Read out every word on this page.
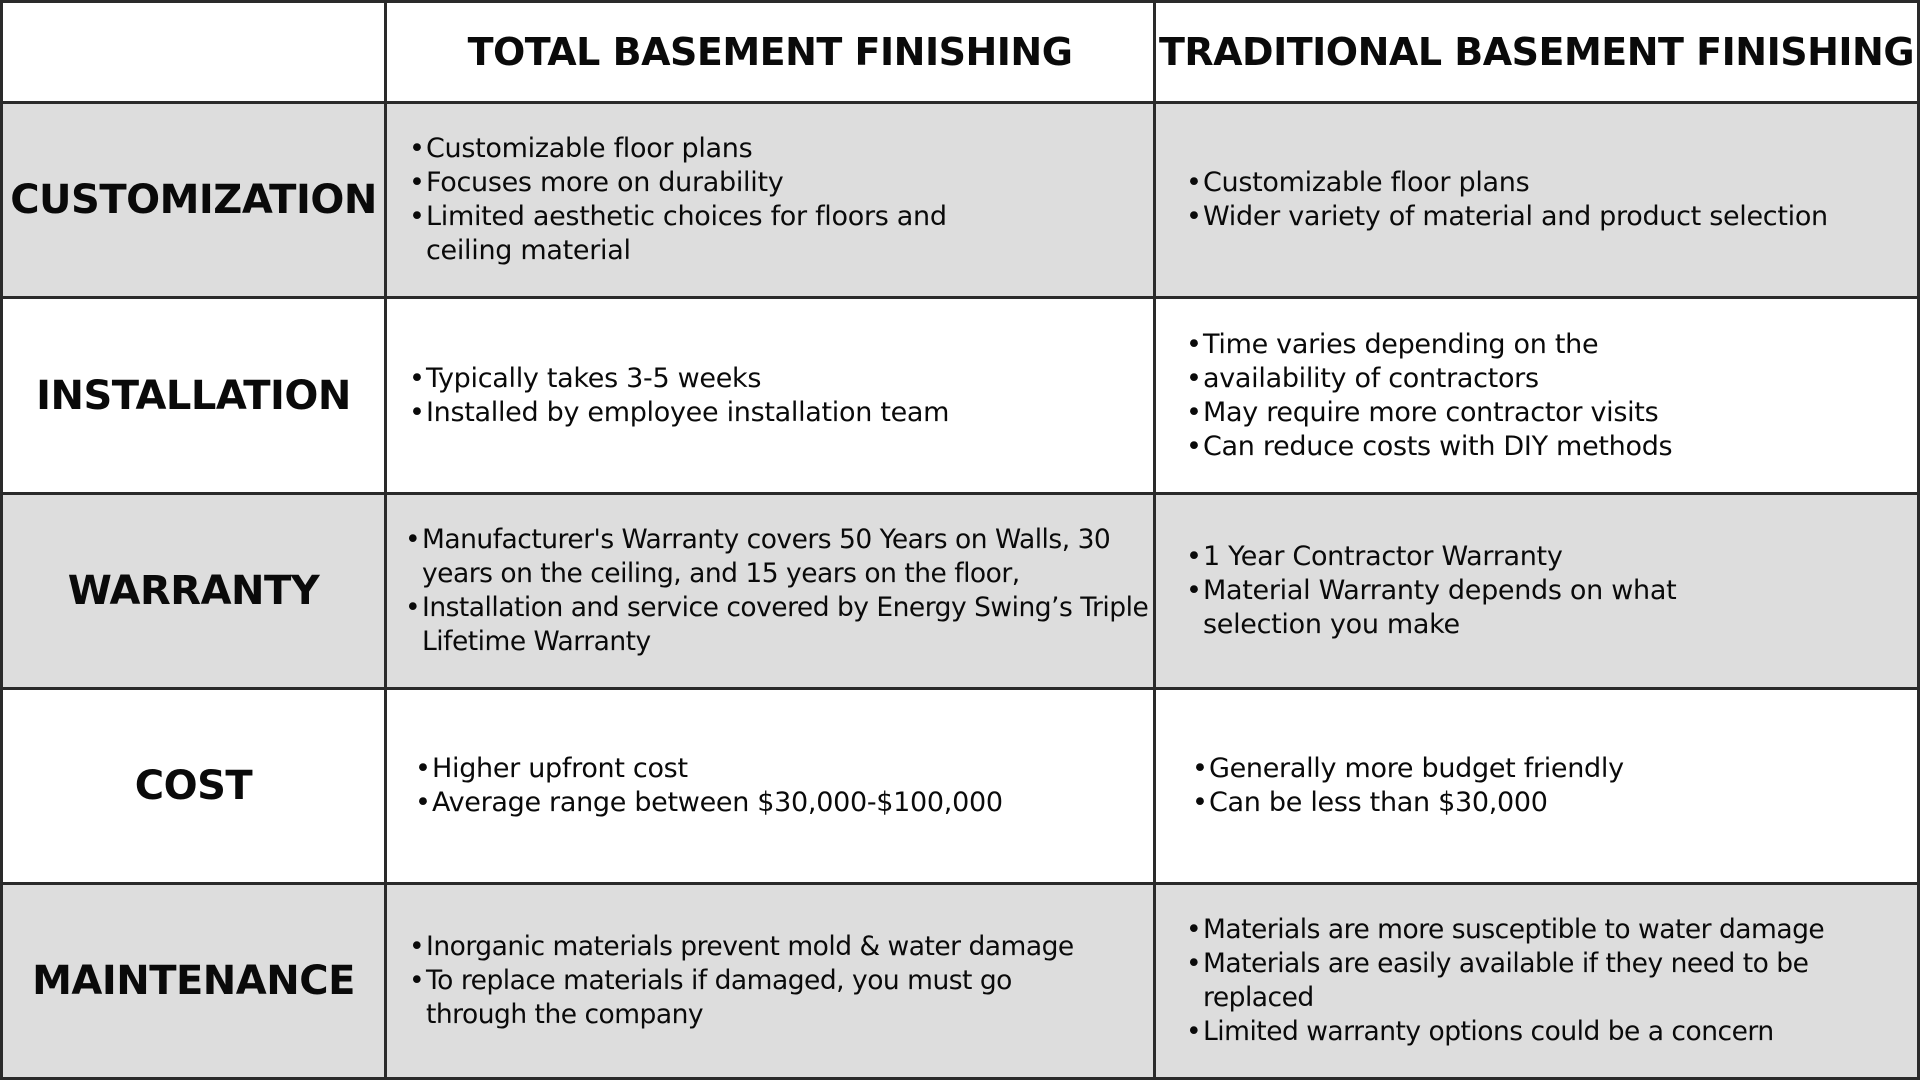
TOTAL BASEMENT FINISHING TRADITIONAL BASEMENT FINISHING
CUSTOMIZATION
• Customizable floor plans
• Focuses more on durability
• Limited aesthetic choices for floors and ceiling material
• Customizable floor plans
• Wider variety of material and product selection
INSTALLATION	• Typically takes 3-5 weeks
• Installed by employee installation team
• Time varies depending on the
• availability of contractors
• May require more contractor visits
• Can reduce costs with DIY methods
WARRANTY
• Manufacturer's Warranty covers 50 Years on Walls, 30 years on the ceiling, and 15 years on the floor,
• Installation and service covered by Energy Swing’s Triple Lifetime Warranty
• 1 Year Contractor Warranty
• Material Warranty depends on what selection you make
COST	• Higher upfront cost
• Average range between $30,000-$100,000
• Generally more budget friendly
• Can be less than $30,000
MAINTENANCE
• Inorganic materials prevent mold & water damage
• To replace materials if damaged, you must go through the company
• Materials are more susceptible to water damage
• Materials are easily available if they need to be replaced
• Limited warranty options could be a concern
